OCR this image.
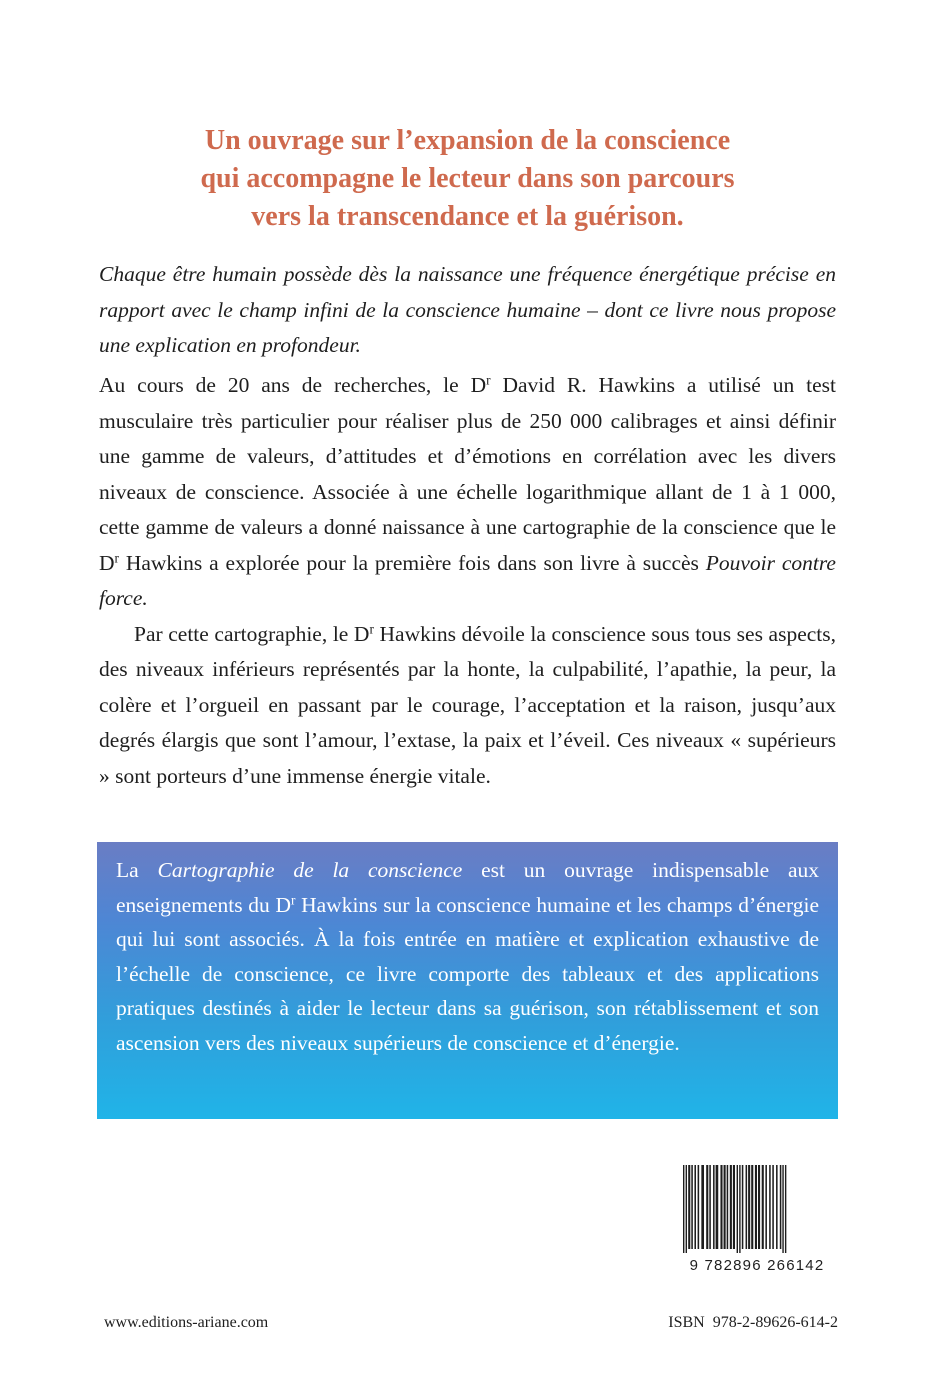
Un ouvrage sur l’expansion de la conscience
qui accompagne le lecteur dans son parcours
vers la transcendance et la guérison.

Chaque être humain possède dès la naissance une fréquence énergétique précise en rapport avec le champ infini de la conscience humaine – dont ce livre nous propose une explication en profondeur.

Au cours de 20 ans de recherches, le $D^r$ David R. Hawkins a utilisé un test musculaire très particulier pour réaliser plus de 250 000 calibrages et ainsi définir une gamme de valeurs, d’attitudes et d’émotions en corrélation avec les divers niveaux de conscience. Associée à une échelle logarithmique allant de 1 à 1 000, cette gamme de valeurs a donné naissance à une cartographie de la conscience que le $D^r$ Hawkins a explorée pour la première fois dans son livre à succès Pouvoir contre force.

Par cette cartographie, le $D^r$ Hawkins dévoile la conscience sous tous ses aspects, des niveaux inférieurs représentés par la honte, la culpabilité, l’apathie, la peur, la colère et l’orgueil en passant par le courage, l’acceptation et la raison, jusqu’aux degrés élargis que sont l’amour, l’extase, la paix et l’éveil. Ces niveaux « supérieurs » sont porteurs d’une immense énergie vitale.

La Cartographie de la conscience est un ouvrage indispensable aux enseignements du $D^r$ Hawkins sur la conscience humaine et les champs d’énergie qui lui sont associés. À la fois entrée en matière et explication exhaustive de l’échelle de conscience, ce livre comporte des tableaux et des applications pratiques destinés à aider le lecteur dans sa guérison, son rétablissement et son ascension vers des niveaux supérieurs de conscience et d’énergie.

9 782896 266142
www.editions-ariane.com	ISBN 978-2-89626-614-2
